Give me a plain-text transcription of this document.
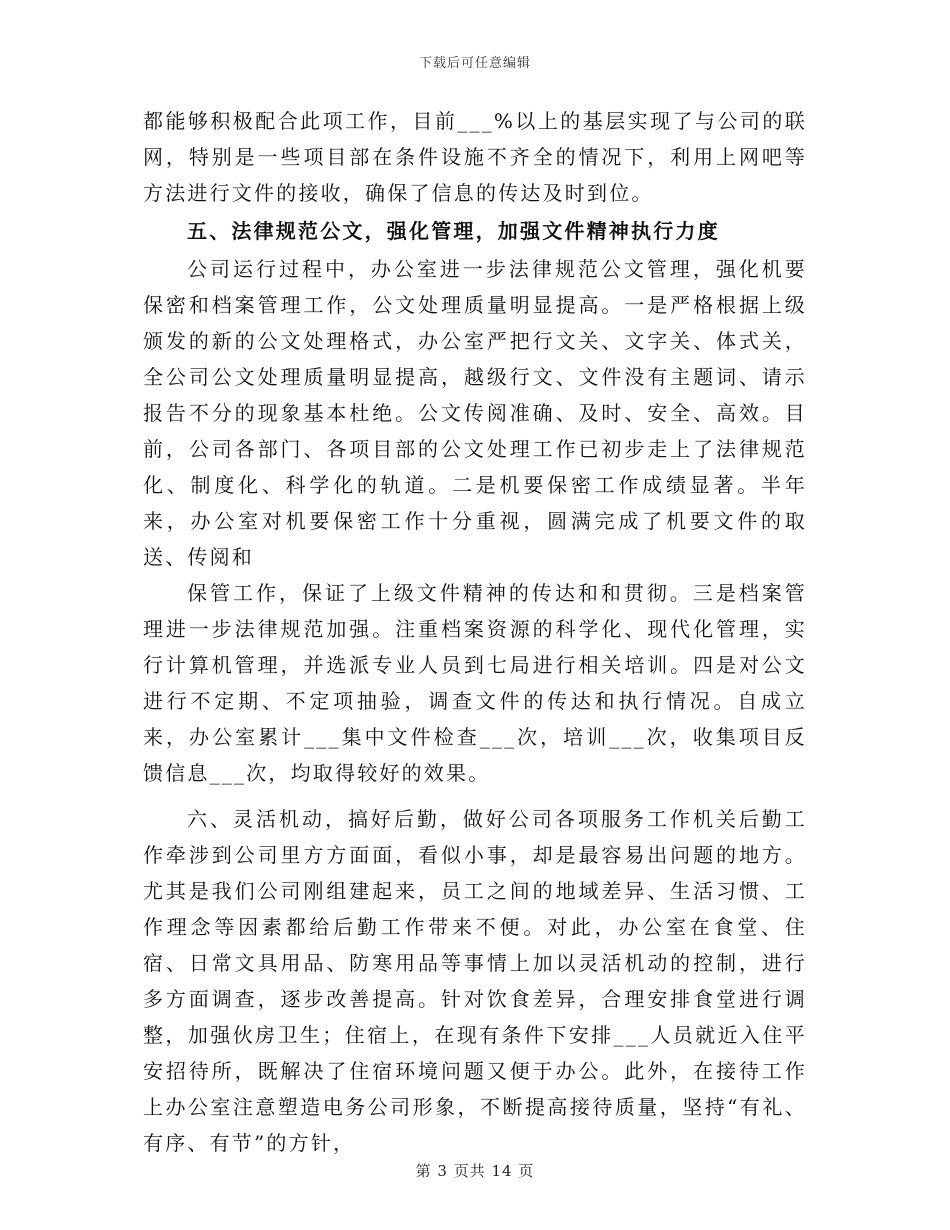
下载后可任意编辑

都能够积极配合此项工作，目前___%以上的基层实现了与公司的联网，特别是一些项目部在条件设施不齐全的情况下，利用上网吧等方法进行文件的接收，确保了信息的传达及时到位。

五、法律规范公文，强化管理，加强文件精神执行力度

公司运行过程中，办公室进一步法律规范公文管理，强化机要保密和档案管理工作，公文处理质量明显提高。一是严格根据上级颁发的新的公文处理格式，办公室严把行文关、文字关、体式关，全公司公文处理质量明显提高，越级行文、文件没有主题词、请示报告不分的现象基本杜绝。公文传阅准确、及时、安全、高效。目前，公司各部门、各项目部的公文处理工作已初步走上了法律规范化、制度化、科学化的轨道。二是机要保密工作成绩显著。半年来，办公室对机要保密工作十分重视，圆满完成了机要文件的取送、传阅和

保管工作，保证了上级文件精神的传达和和贯彻。三是档案管理进一步法律规范加强。注重档案资源的科学化、现代化管理，实行计算机管理，并选派专业人员到七局进行相关培训。四是对公文进行不定期、不定项抽验，调查文件的传达和执行情况。自成立来，办公室累计___集中文件检查___次，培训___次，收集项目反馈信息___次，均取得较好的效果。

六、灵活机动，搞好后勤，做好公司各项服务工作机关后勤工作牵涉到公司里方方面面，看似小事，却是最容易出问题的地方。尤其是我们公司刚组建起来，员工之间的地域差异、生活习惯、工作理念等因素都给后勤工作带来不便。对此，办公室在食堂、住宿、日常文具用品、防寒用品等事情上加以灵活机动的控制，进行多方面调查，逐步改善提高。针对饮食差异，合理安排食堂进行调整，加强伙房卫生；住宿上，在现有条件下安排___人员就近入住平安招待所，既解决了住宿环境问题又便于办公。此外，在接待工作上办公室注意塑造电务公司形象，不断提高接待质量，坚持“有礼、有序、有节”的方针，

第 3 页共 14 页
